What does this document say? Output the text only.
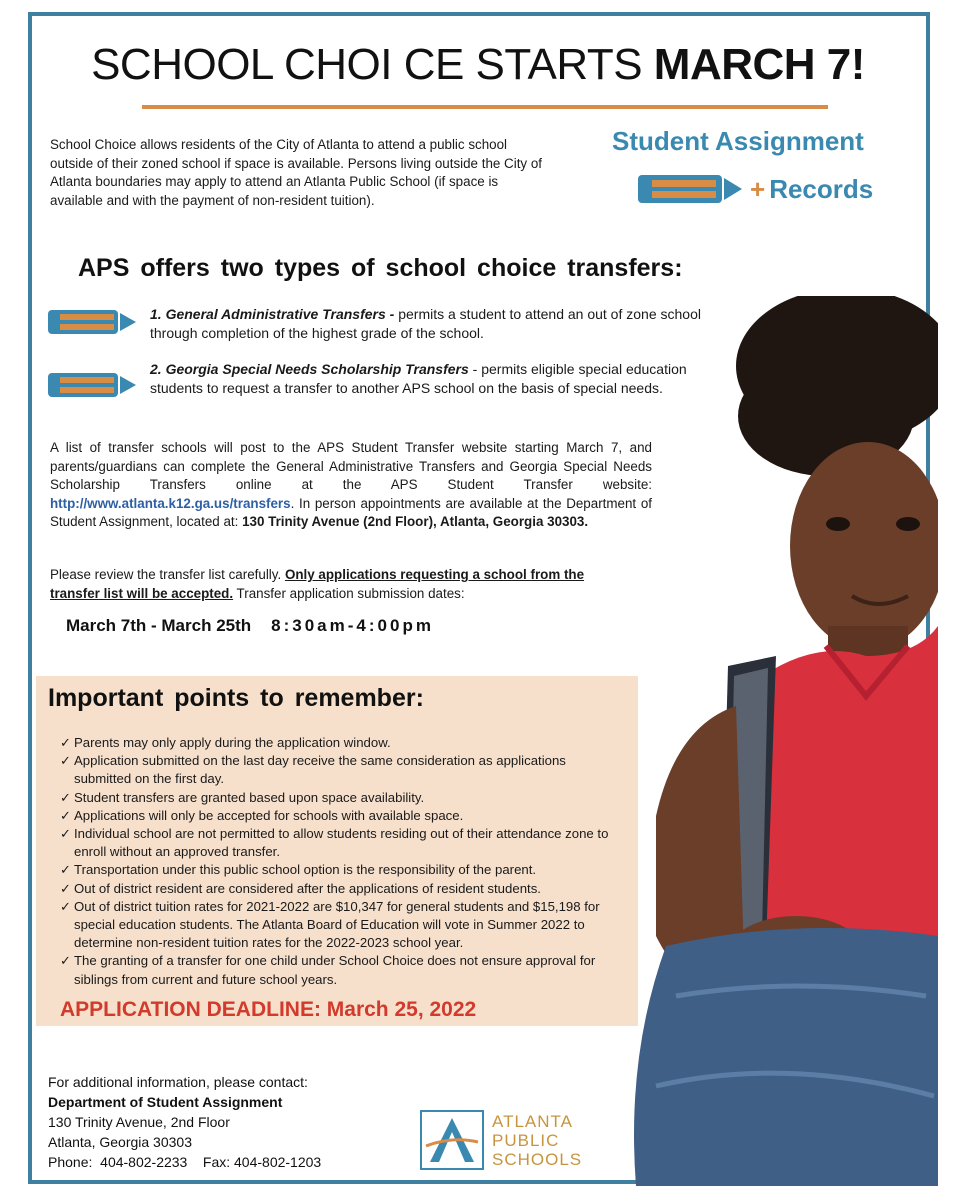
SCHOOL CHOI CE STARTS MARCH 7!
School Choice allows residents of the City of Atlanta to attend a public school outside of their zoned school if space is available. Persons living outside the City of Atlanta boundaries may apply to attend an Atlanta Public School (if space is available and with the payment of non-resident tuition).
Student Assignment
+ Records
APS offers two types of school choice transfers:
1. General Administrative Transfers - permits a student to attend an out of zone school through completion of the highest grade of the school.
2. Georgia Special Needs Scholarship Transfers - permits eligible special education students to request a transfer to another APS school on the basis of special needs.
A list of transfer schools will post to the APS Student Transfer website starting March 7, and parents/guardians can complete the General Administrative Transfers and Georgia Special Needs Scholarship Transfers online at the APS Student Transfer website: http://www.atlanta.k12.ga.us/transfers. In person appointments are available at the Department of Student Assignment, located at: 130 Trinity Avenue (2nd Floor), Atlanta, Georgia 30303.
Please review the transfer list carefully. Only applications requesting a school from the transfer list will be accepted. Transfer application submission dates:
March 7th - March 25th 8:30am-4:00pm
Important points to remember:
✓ Parents may only apply during the application window.
✓ Application submitted on the last day receive the same consideration as applications submitted on the first day.
✓ Student transfers are granted based upon space availability.
✓ Applications will only be accepted for schools with available space.
✓ Individual school are not permitted to allow students residing out of their attendance zone to enroll without an approved transfer.
✓ Transportation under this public school option is the responsibility of the parent.
✓ Out of district resident are considered after the applications of resident students.
✓ Out of district tuition rates for 2021-2022 are $10,347 for general students and $15,198 for special education students. The Atlanta Board of Education will vote in Summer 2022 to determine non-resident tuition rates for the 2022-2023 school year.
✓ The granting of a transfer for one child under School Choice does not ensure approval for siblings from current and future school years.
APPLICATION DEADLINE: March 25, 2022
For additional information, please contact:
Department of Student Assignment
130 Trinity Avenue, 2nd Floor
Atlanta, Georgia 30303
Phone:  404-802-2233    Fax: 404-802-1203
ATLANTA
PUBLIC
SCHOOLS
